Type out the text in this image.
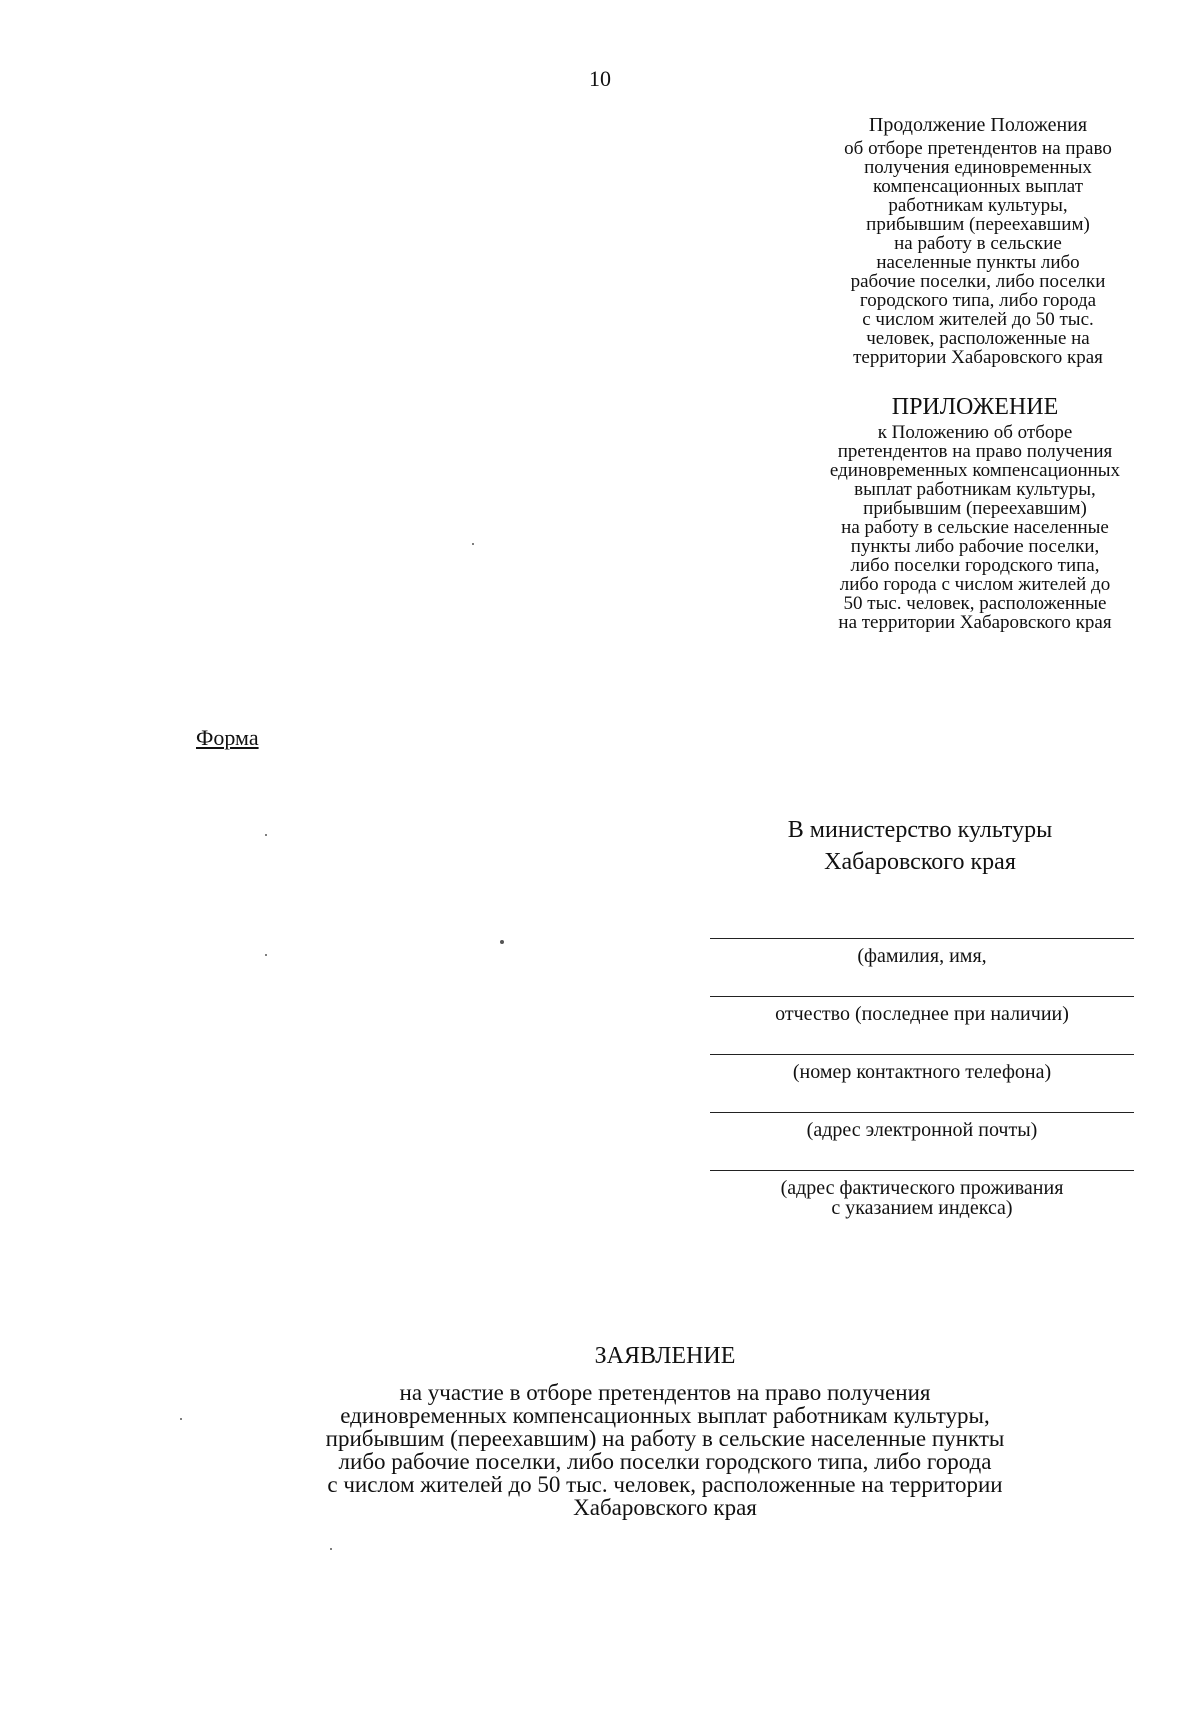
10
Продолжение Положения
об отборе претендентов на право
получения единовременных
компенсационных выплат
работникам культуры,
прибывшим (переехавшим)
на работу в сельские
населенные пункты либо
рабочие поселки, либо поселки
городского типа, либо города
с числом жителей до 50 тыс.
человек, расположенные на
территории Хабаровского края
ПРИЛОЖЕНИЕ
к Положению об отборе
претендентов на право получения
единовременных компенсационных
выплат работникам культуры,
прибывшим (переехавшим)
на работу в сельские населенные
пункты либо рабочие поселки,
либо поселки городского типа,
либо города с числом жителей до
50 тыс. человек, расположенные
на территории Хабаровского края
Форма
В министерство культуры
Хабаровского края
(фамилия, имя,
отчество (последнее при наличии)
(номер контактного телефона)
(адрес электронной почты)
(адрес фактического проживания
с указанием индекса)
ЗАЯВЛЕНИЕ
на участие в отборе претендентов на право получения
единовременных компенсационных выплат работникам культуры,
прибывшим (переехавшим) на работу в сельские населенные пункты
либо рабочие поселки, либо поселки городского типа, либо города
с числом жителей до 50 тыс. человек, расположенные на территории
Хабаровского края
